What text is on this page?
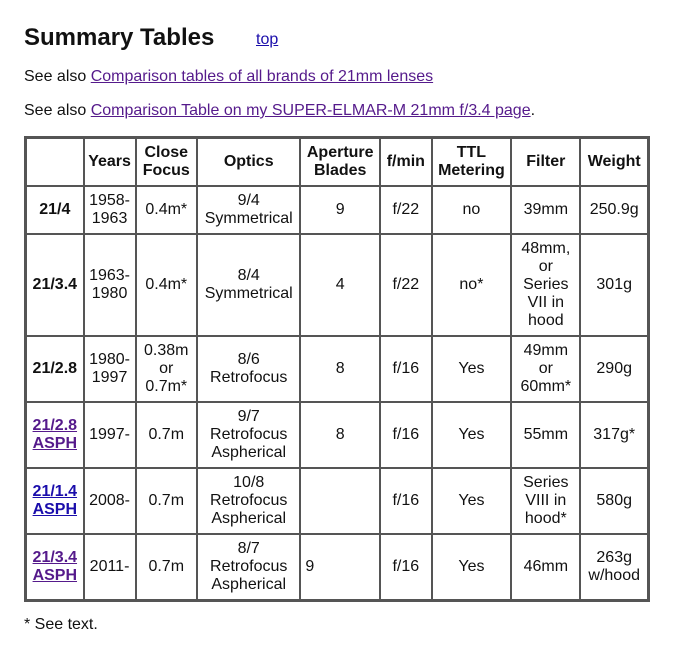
Summary Tables	top

See also Comparison tables of all brands of 21mm lenses

See also Comparison Table on my SUPER-ELMAR-M 21mm f/3.4 page.

	Years	Close Focus	Optics	Aperture Blades	f/min	TTL Metering	Filter	Weight
21/4	1958-1963	0.4m*	9/4 Symmetrical	9	f/22	no	39mm	250.9g
21/3.4	1963-1980	0.4m*	8/4 Symmetrical	4	f/22	no*	48mm, or Series VII in hood	301g
21/2.8	1980-1997	0.38m or 0.7m*	8/6 Retrofocus	8	f/16	Yes	49mm or 60mm*	290g
21/2.8 ASPH	1997-	0.7m	9/7 Retrofocus Aspherical	8	f/16	Yes	55mm	317g*
21/1.4 ASPH	2008-	0.7m	10/8 Retrofocus Aspherical		f/16	Yes	Series VIII in hood*	580g
21/3.4 ASPH	2011-	0.7m	8/7 Retrofocus Aspherical	9	f/16	Yes	46mm	263g w/hood

* See text.
